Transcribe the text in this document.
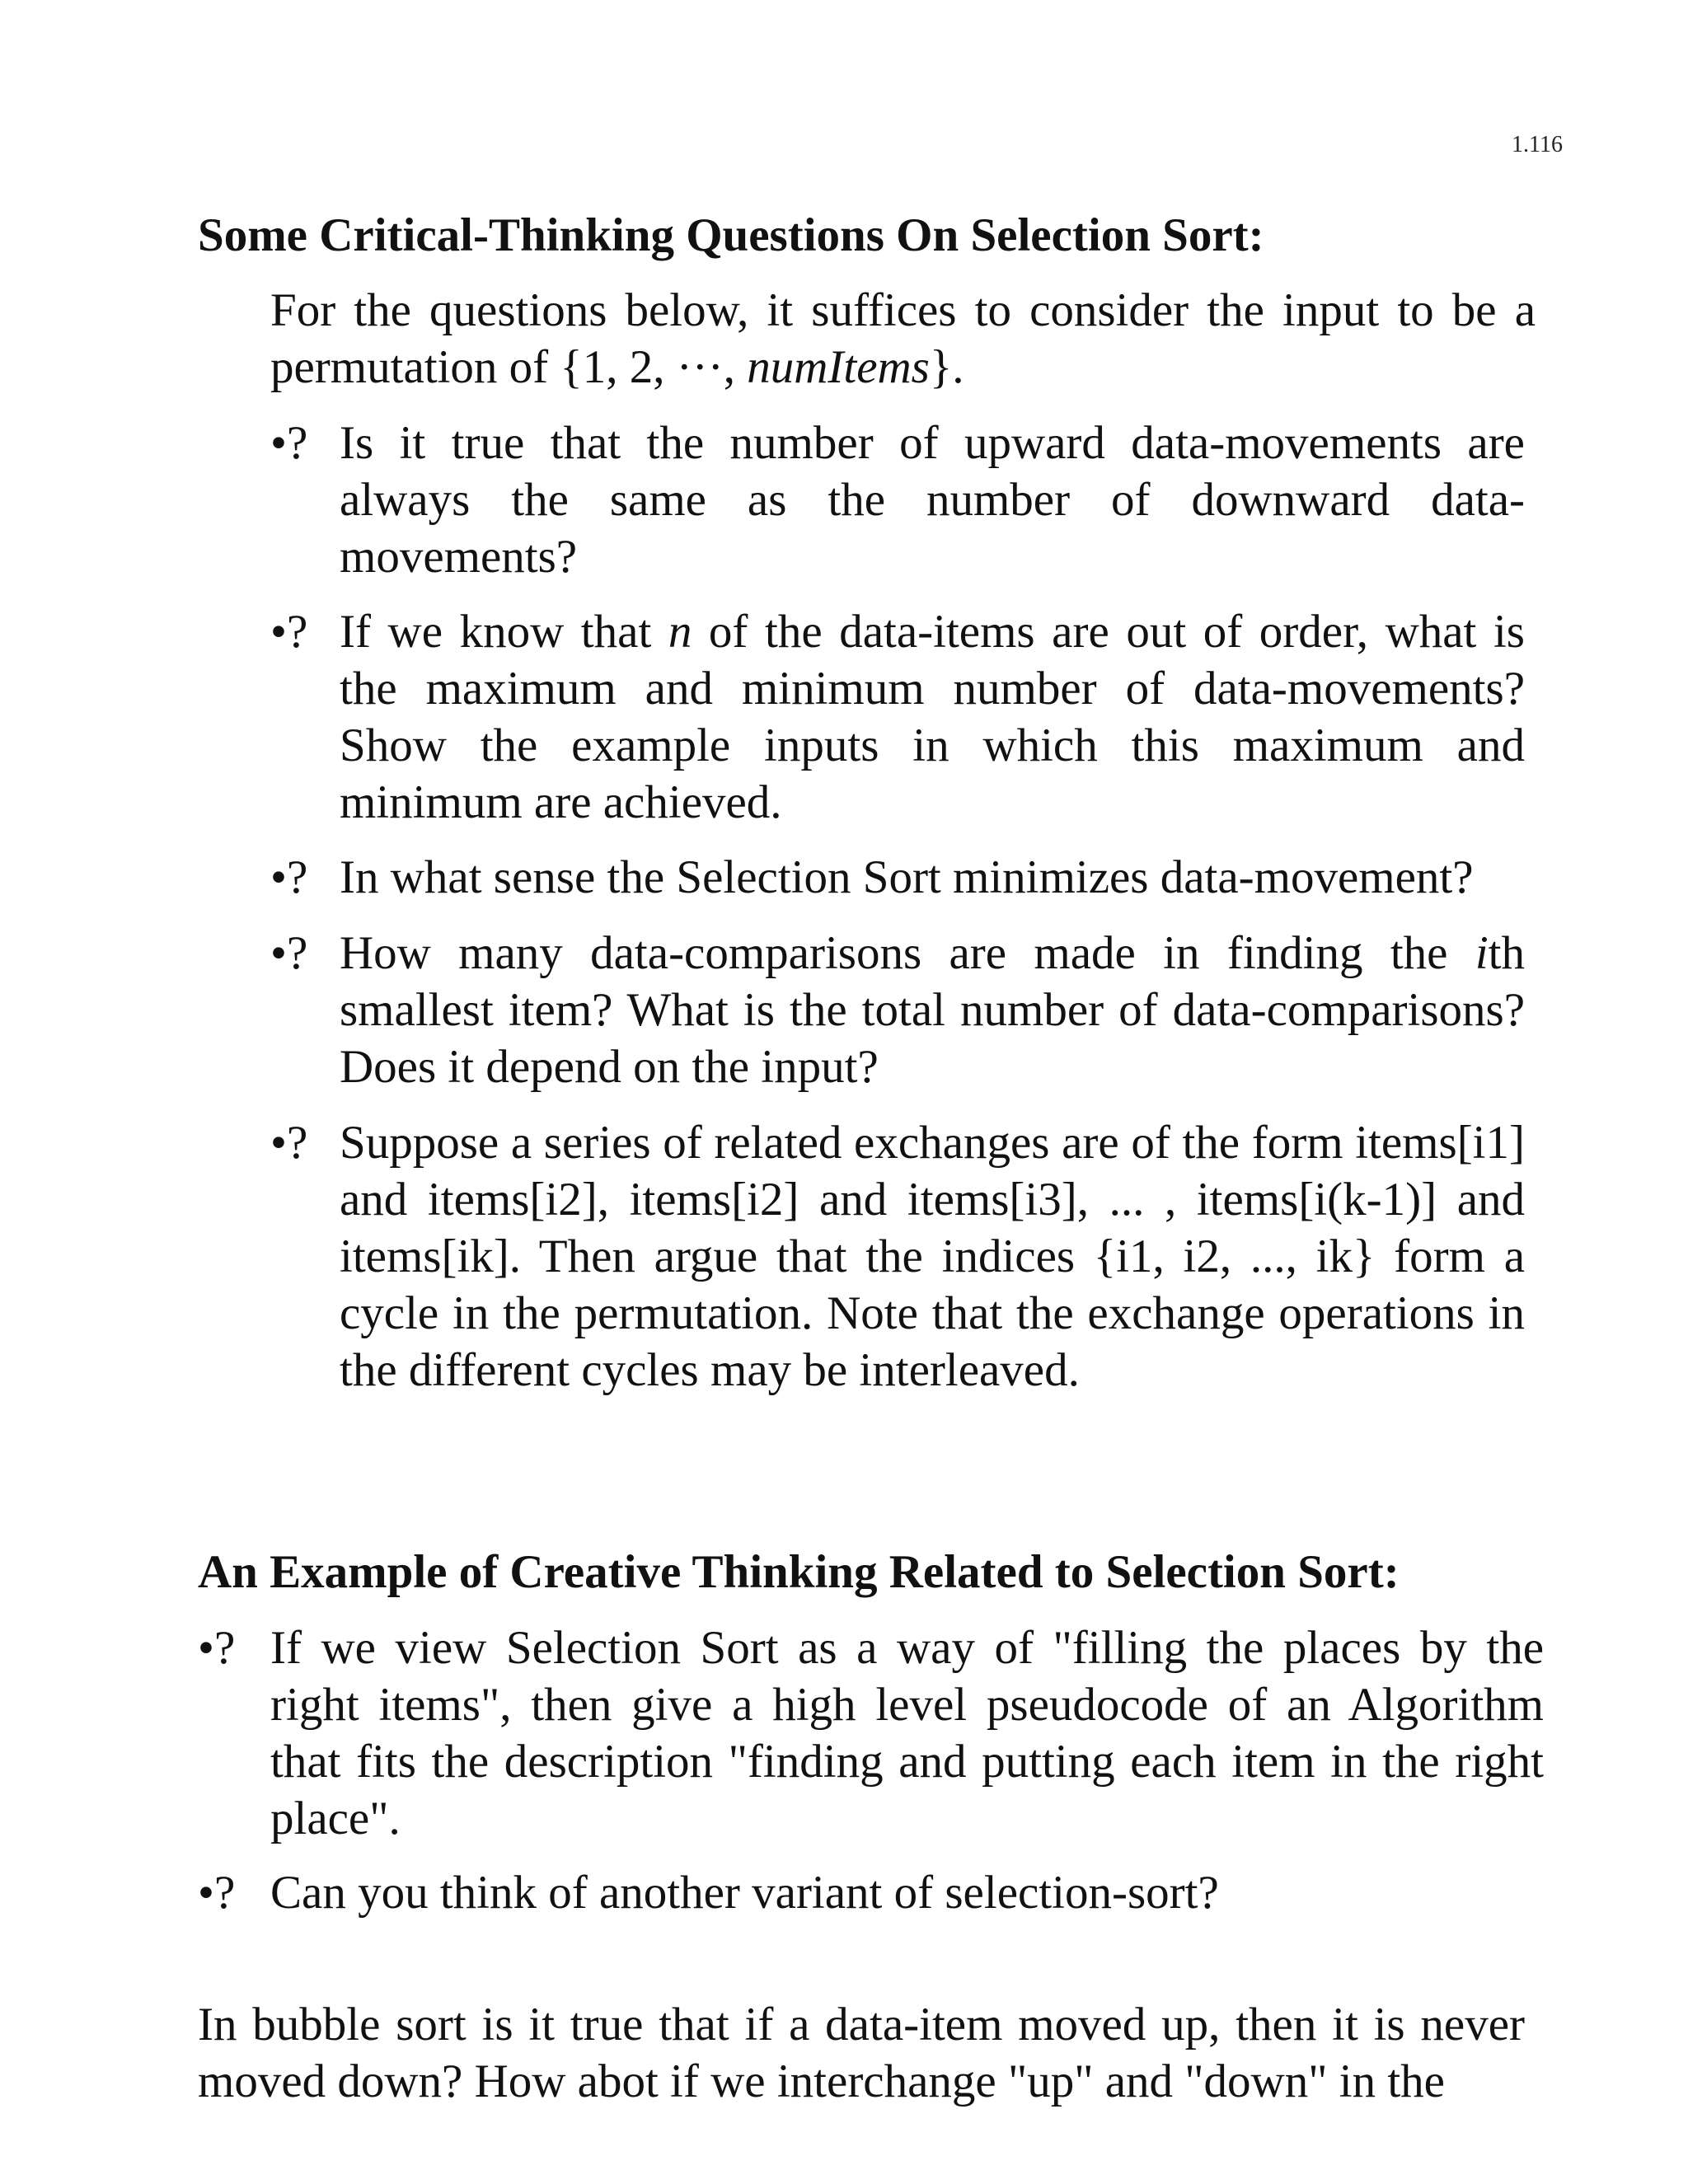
1.116
Some Critical-Thinking Questions On Selection Sort:
For the questions below, it suffices to consider the input to be a permutation of {1, 2, ···, numItems}.
•? Is it true that the number of upward data-movements are always the same as the number of downward data-movements?
•? If we know that n of the data-items are out of order, what is the maximum and minimum number of data-movements? Show the example inputs in which this maximum and minimum are achieved.
•? In what sense the Selection Sort minimizes data-movement?
•? How many data-comparisons are made in finding the ith smallest item? What is the total number of data-comparisons? Does it depend on the input?
•? Suppose a series of related exchanges are of the form items[i1] and items[i2], items[i2] and items[i3], ... , items[i(k-1)] and items[ik]. Then argue that the indices {i1, i2, ..., ik} form a cycle in the permutation. Note that the exchange operations in the different cycles may be interleaved.
An Example of Creative Thinking Related to Selection Sort:
•? If we view Selection Sort as a way of "filling the places by the right items", then give a high level pseudocode of an Algorithm that fits the description "finding and putting each item in the right place".
•? Can you think of another variant of selection-sort?
In bubble sort is it true that if a data-item moved up, then it is never moved down? How abot if we interchange "up" and "down" in the
